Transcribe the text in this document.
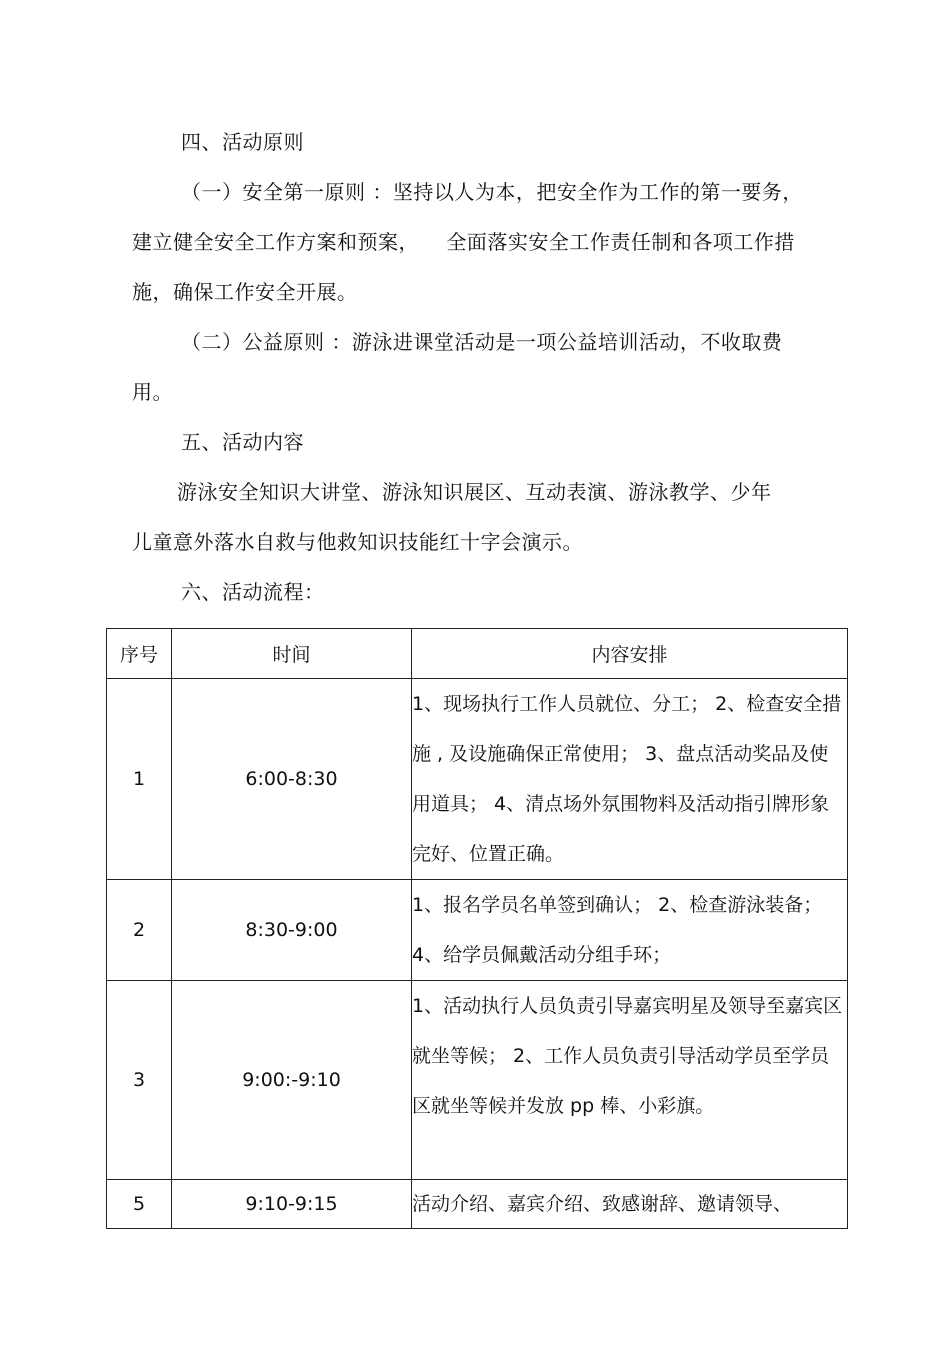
四、活动原则
（一）安全第一原则 ：坚持以人为本，把安全作为工作的第一要务，
建立健全安全工作方案和预案，    全面落实安全工作责任制和各项工作措
施，确保工作安全开展。
（二）公益原则 ：游泳进课堂活动是一项公益培训活动，不收取费
用。
五、活动内容
游泳安全知识大讲堂、游泳知识展区、互动表演、游泳教学、少年
儿童意外落水自救与他救知识技能红十字会演示。
六、活动流程：
序号	时间	内容安排
1	6:00-8:30	1、现场执行工作人员就位、分工； 2、检查安全措施 , 及设施确保正常使用； 3、盘点活动奖品及使用道具； 4、清点场外氛围物料及活动指引牌形象完好、位置正确。
2	8:30-9:00	1、报名学员名单签到确认； 2、检查游泳装备； 4、给学员佩戴活动分组手环；
3	9:00:-9:10	1、活动执行人员负责引导嘉宾明星及领导至嘉宾区就坐等候； 2、工作人员负责引导活动学员至学员区就坐等候并发放 pp 棒、小彩旗。
5	9:10-9:15	活动介绍、嘉宾介绍、致感谢辞、邀请领导、
